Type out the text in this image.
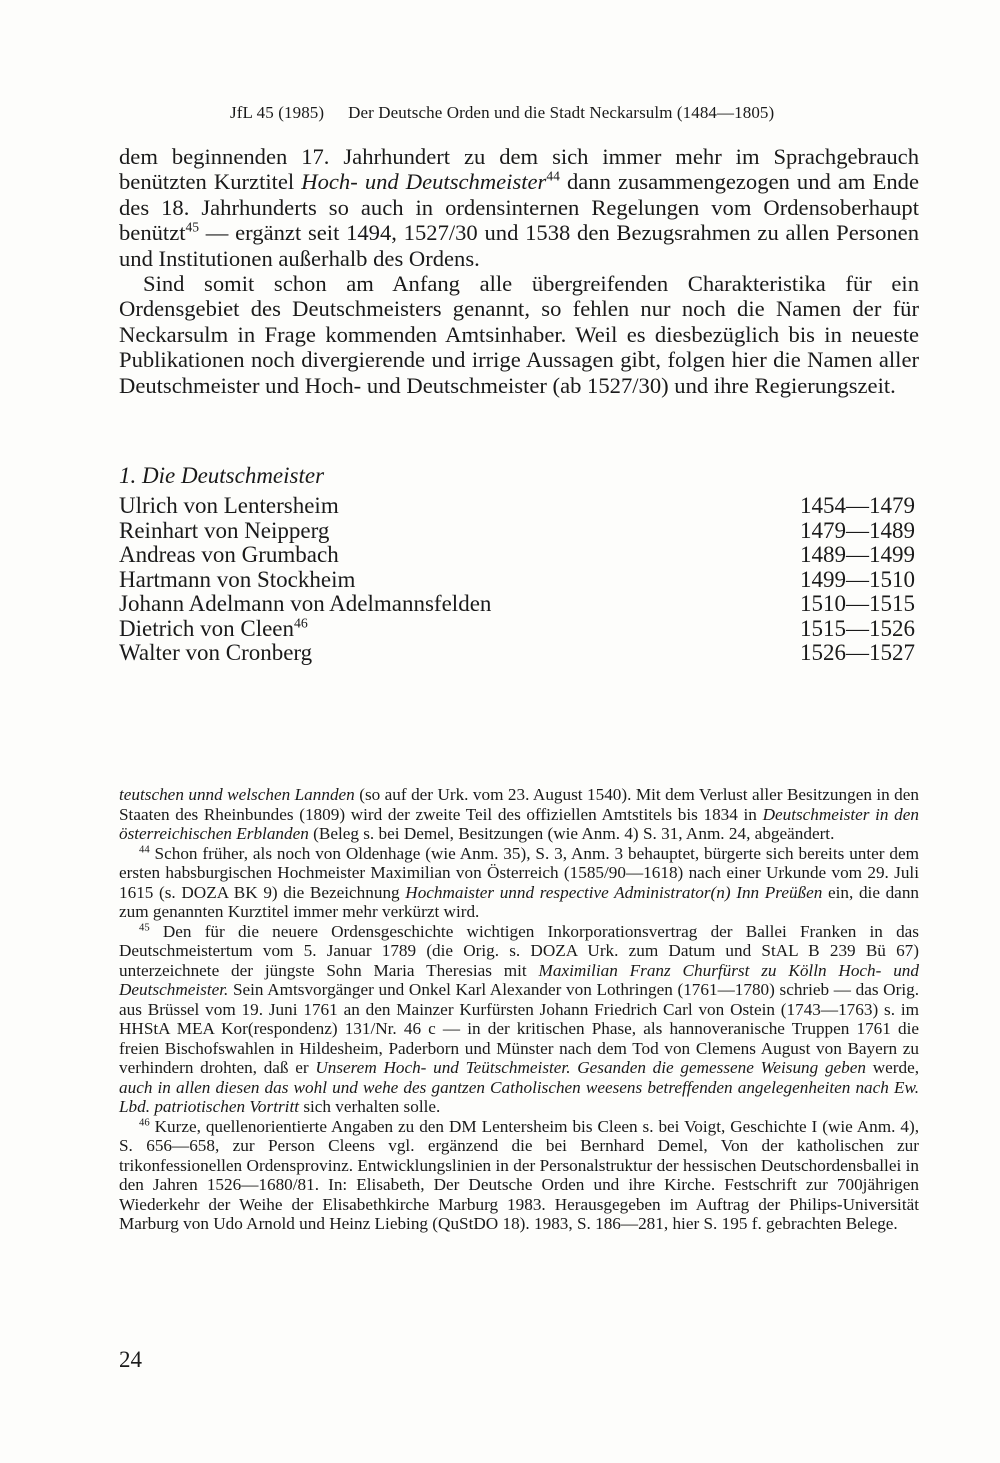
JfL 45 (1985) Der Deutsche Orden und die Stadt Neckarsulm (1484—1805)

dem beginnenden 17. Jahrhundert zu dem sich immer mehr im Sprachgebrauch benützten Kurztitel Hoch- und Deutschmeister$^{44}$ dann zusammengezogen und am Ende des 18. Jahrhunderts so auch in ordensinternen Regelungen vom Ordensoberhaupt benützt$^{45}$ — ergänzt seit 1494, 1527/30 und 1538 den Bezugsrahmen zu allen Personen und Institutionen außerhalb des Ordens.

Sind somit schon am Anfang alle übergreifenden Charakteristika für ein Ordensgebiet des Deutschmeisters genannt, so fehlen nur noch die Namen der für Neckarsulm in Frage kommenden Amtsinhaber. Weil es diesbezüglich bis in neueste Publikationen noch divergierende und irrige Aussagen gibt, folgen hier die Namen aller Deutschmeister und Hoch- und Deutschmeister (ab 1527/30) und ihre Regierungszeit.

1. Die Deutschmeister
Ulrich von Lentersheim	1454—1479
Reinhart von Neipperg	1479—1489
Andreas von Grumbach	1489—1499
Hartmann von Stockheim	1499—1510
Johann Adelmann von Adelmannsfelden	1510—1515
Dietrich von Cleen$^{46}$	1515—1526
Walter von Cronberg	1526—1527

teutschen unnd welschen Lannden (so auf der Urk. vom 23. August 1540). Mit dem Verlust aller Besitzungen in den Staaten des Rheinbundes (1809) wird der zweite Teil des offiziellen Amtstitels bis 1834 in Deutschmeister in den österreichischen Erblanden (Beleg s. bei Demel, Besitzungen (wie Anm. 4) S. 31, Anm. 24, abgeändert.

$^{44}$ Schon früher, als noch von Oldenhage (wie Anm. 35), S. 3, Anm. 3 behauptet, bürgerte sich bereits unter dem ersten habsburgischen Hochmeister Maximilian von Österreich (1585/90—1618) nach einer Urkunde vom 29. Juli 1615 (s. DOZA BK 9) die Bezeichnung Hochmaister unnd respective Administrator(n) Inn Preüßen ein, die dann zum genannten Kurztitel immer mehr verkürzt wird.

$^{45}$ Den für die neuere Ordensgeschichte wichtigen Inkorporationsvertrag der Ballei Franken in das Deutschmeistertum vom 5. Januar 1789 (die Orig. s. DOZA Urk. zum Datum und StAL B 239 Bü 67) unterzeichnete der jüngste Sohn Maria Theresias mit Maximilian Franz Churfürst zu Kölln Hoch- und Deutschmeister. Sein Amtsvorgänger und Onkel Karl Alexander von Lothringen (1761—1780) schrieb — das Orig. aus Brüssel vom 19. Juni 1761 an den Mainzer Kurfürsten Johann Friedrich Carl von Ostein (1743—1763) s. im HHStA MEA Kor(respondenz) 131/Nr. 46 c — in der kritischen Phase, als hannoveranische Truppen 1761 die freien Bischofswahlen in Hildesheim, Paderborn und Münster nach dem Tod von Clemens August von Bayern zu verhindern drohten, daß er Unserem Hoch- und Teütschmeister. Gesanden die gemessene Weisung geben werde, auch in allen diesen das wohl und wehe des gantzen Catholischen weesens betreffenden angelegenheiten nach Ew. Lbd. patriotischen Vortritt sich verhalten solle.

$^{46}$ Kurze, quellenorientierte Angaben zu den DM Lentersheim bis Cleen s. bei Voigt, Geschichte I (wie Anm. 4), S. 656—658, zur Person Cleens vgl. ergänzend die bei Bernhard Demel, Von der katholischen zur trikonfessionellen Ordensprovinz. Entwicklungslinien in der Personalstruktur der hessischen Deutschordensballei in den Jahren 1526—1680/81. In: Elisabeth, Der Deutsche Orden und ihre Kirche. Festschrift zur 700jährigen Wiederkehr der Weihe der Elisabethkirche Marburg 1983. Herausgegeben im Auftrag der Philips-Universität Marburg von Udo Arnold und Heinz Liebing (QuStDO 18). 1983, S. 186—281, hier S. 195 f. gebrachten Belege.

24
